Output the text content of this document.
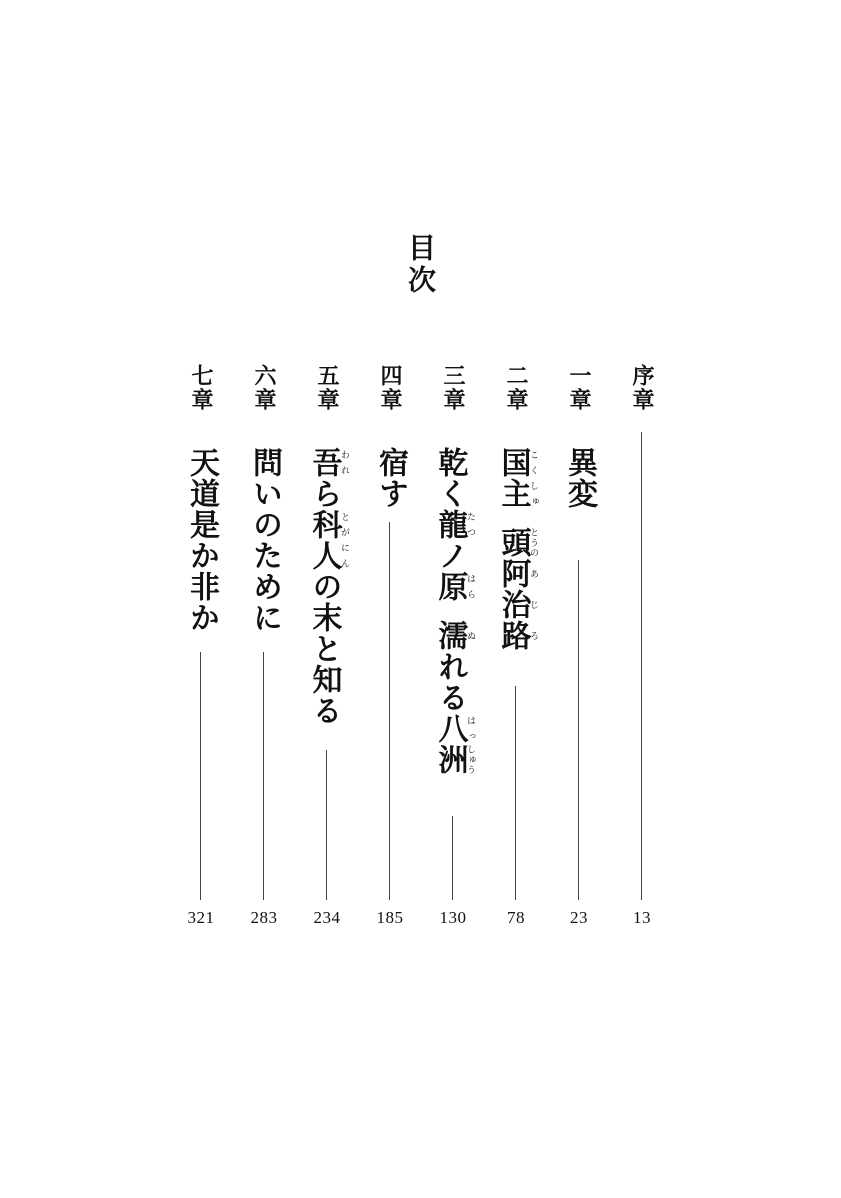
目次
序章
13
一章
異変
23
二章
国こく主しゅ頭とうの阿あ治じ路ろ
78
三章
乾く龍たつノ原はら濡ぬれる八はっ洲しゅう
130
四章
宿す
185
五章
吾われら科とが人にんの末と知る
234
六章
問いのために
283
七章
天道是か非か
321
